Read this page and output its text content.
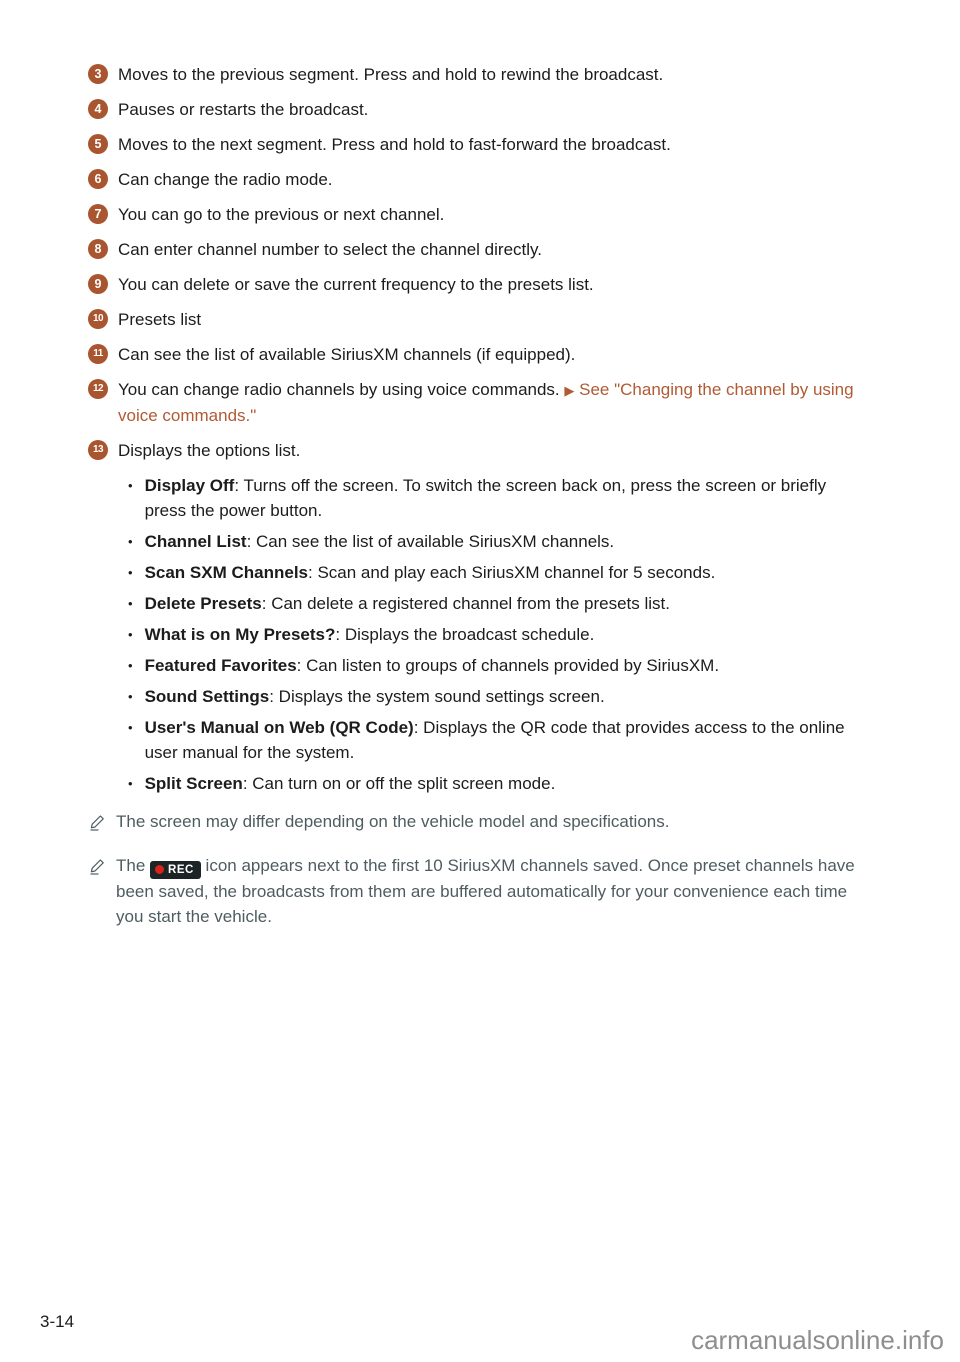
3 Moves to the previous segment. Press and hold to rewind the broadcast.
4 Pauses or restarts the broadcast.
5 Moves to the next segment. Press and hold to fast-forward the broadcast.
6 Can change the radio mode.
7 You can go to the previous or next channel.
8 Can enter channel number to select the channel directly.
9 You can delete or save the current frequency to the presets list.
10 Presets list
11 Can see the list of available SiriusXM channels (if equipped).
12 You can change radio channels by using voice commands. ▶ See "Changing the channel by using voice commands."
13 Displays the options list.
• Display Off: Turns off the screen. To switch the screen back on, press the screen or briefly press the power button.
• Channel List: Can see the list of available SiriusXM channels.
• Scan SXM Channels: Scan and play each SiriusXM channel for 5 seconds.
• Delete Presets: Can delete a registered channel from the presets list.
• What is on My Presets?: Displays the broadcast schedule.
• Featured Favorites: Can listen to groups of channels provided by SiriusXM.
• Sound Settings: Displays the system sound settings screen.
• User's Manual on Web (QR Code): Displays the QR code that provides access to the online user manual for the system.
• Split Screen: Can turn on or off the split screen mode.
The screen may differ depending on the vehicle model and specifications.
The REC icon appears next to the first 10 SiriusXM channels saved. Once preset channels have been saved, the broadcasts from them are buffered automatically for your convenience each time you start the vehicle.
3-14
carmanualsonline.info
